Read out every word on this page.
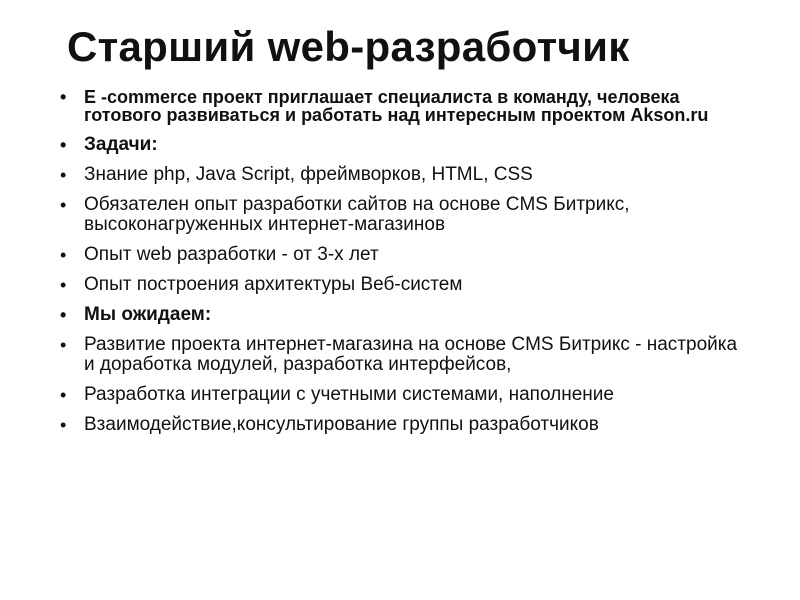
Старший web-разработчик
• E -commerce проект приглашает специалиста в команду, человека готового развиваться и работать над интересным проектом Akson.ru
• Задачи:
• Знание php, Java Script, фреймворков, HTML, CSS
• Обязателен опыт разработки сайтов на основе CMS Битрикс, высоконагруженных интернет-магазинов
• Опыт web разработки - от 3-х лет
• Опыт построения архитектуры Веб-систем
• Мы ожидаем:
• Развитие проекта интернет-магазина на основе CMS Битрикс - настройка и доработка модулей, разработка интерфейсов,
• Разработка интеграции с учетными системами, наполнение
• Взаимодействие,консультирование группы разработчиков
